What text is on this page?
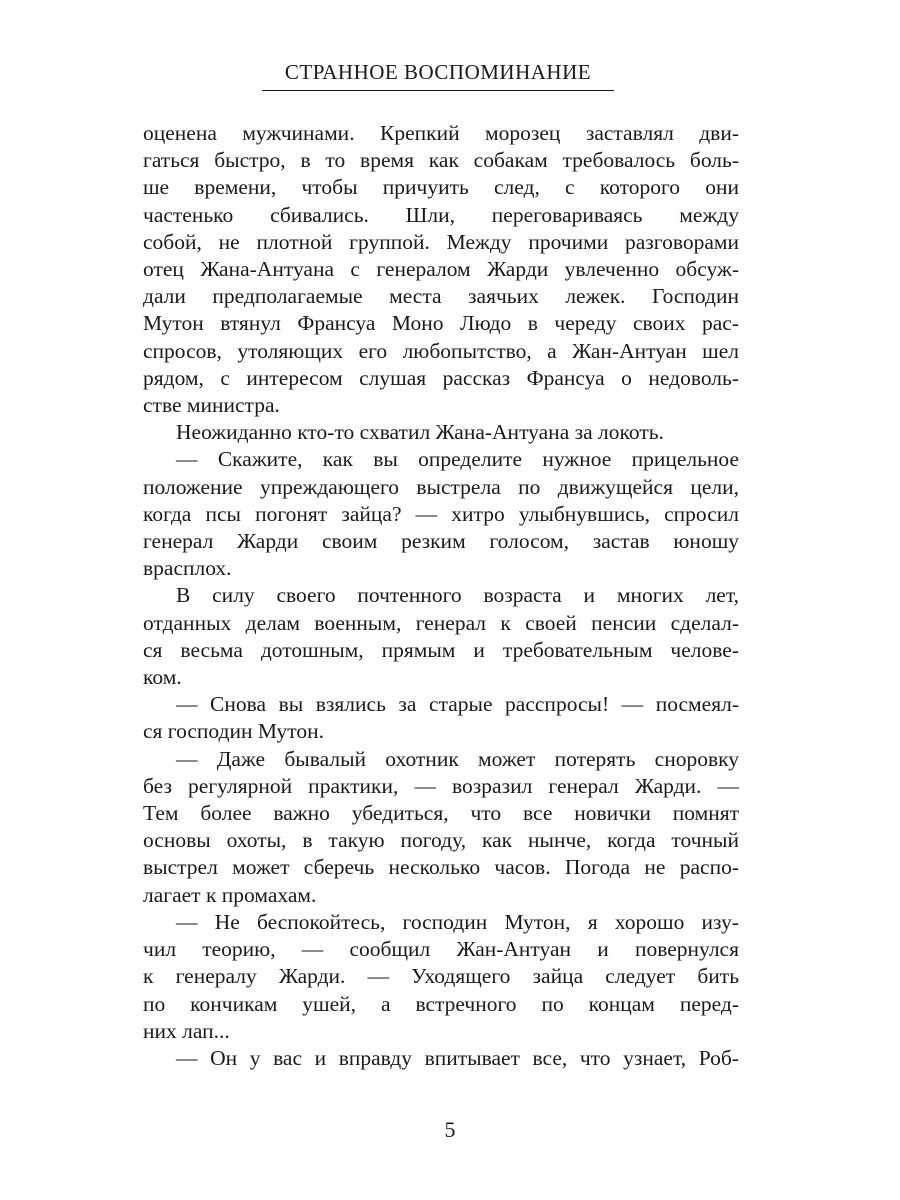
СТРАННОЕ ВОСПОМИНАНИЕ

оцененa мужчинами. Крепкий морозец заставлял дви-

гаться быстро, в то время как собакам требовалось боль-

ше времени, чтобы причуить след, с которого они

частенько сбивались. Шли, переговариваясь между

собой, не плотной группой. Между прочими разговорами

отец Жана-Антуана с генералом Жарди увлеченно обсуж-

дали предполагаемые места заячьих лежек. Господин

Мутон втянул Франсуа Моно Людо в череду своих рас-

спросов, утоляющих его любопытство, а Жан-Антуан шел

рядом, с интересом слушая рассказ Франсуа о недоволь-

стве министра.

Неожиданно кто-то схватил Жана-Антуана за локоть.

— Скажите, как вы определите нужное прицельное

положение упреждающего выстрела по движущейся цели,

когда псы погонят зайца? — хитро улыбнувшись, спросил

генерал Жарди своим резким голосом, застав юношу

врасплох.

В силу своего почтенного возраста и многих лет,

отданных делам военным, генерал к своей пенсии сделал-

ся весьма дотошным, прямым и требовательным челове-

ком.

— Снова вы взялись за старые расспросы! — посмеял-

ся господин Мутон.

— Даже бывалый охотник может потерять сноровку

без регулярной практики, — возразил генерал Жарди. —

Тем более важно убедиться, что все новички помнят

основы охоты, в такую погоду, как нынче, когда точный

выстрел может сберечь несколько часов. Погода не распо-

лагает к промахам.

— Не беспокойтесь, господин Мутон, я хорошо изу-

чил теорию, — сообщил Жан-Антуан и повернулся

к генералу Жарди. — Уходящего зайца следует бить

по кончикам ушей, а встречного по концам перед-

них лап...

— Он у вас и вправду впитывает все, что узнает, Роб-

5
